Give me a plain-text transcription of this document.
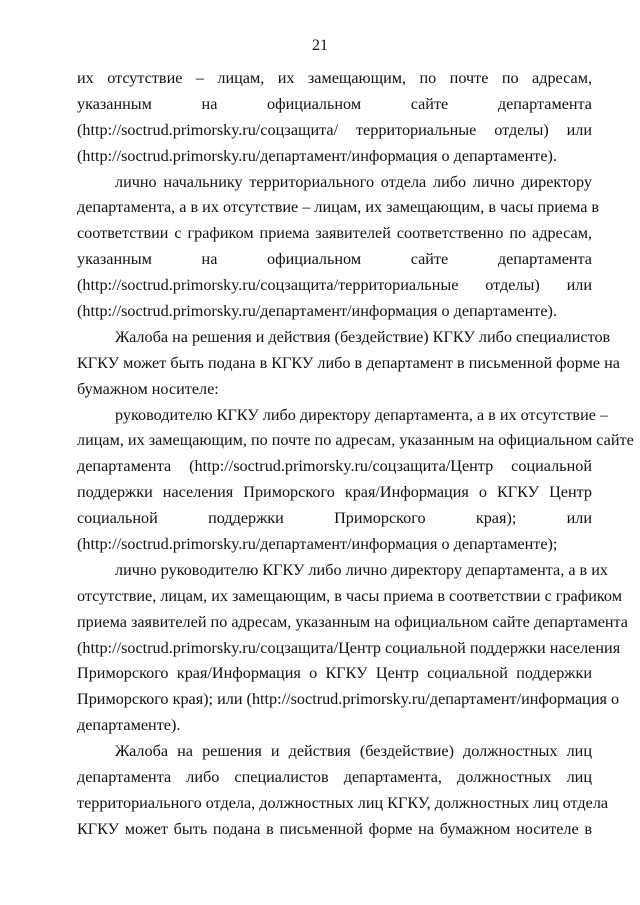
21
их отсутствие – лицам, их замещающим, по почте по адресам,
указанным на официальном сайте департамента
(http://soctrud.primorsky.ru/соцзащита/ территориальные отделы) или
(http://soctrud.primorsky.ru/департамент/информация о департаменте).
лично начальнику территориального отдела либо лично директору
департамента, а в их отсутствие – лицам, их замещающим, в часы приема в
соответствии с графиком приема заявителей соответственно по адресам,
указанным на официальном сайте департамента
(http://soctrud.primorsky.ru/соцзащита/территориальные отделы) или
(http://soctrud.primorsky.ru/департамент/информация о департаменте).
Жалоба на решения и действия (бездействие) КГКУ либо специалистов
КГКУ может быть подана в КГКУ либо в департамент в письменной форме на
бумажном носителе:
руководителю КГКУ либо директору департамента, а в их отсутствие –
лицам, их замещающим, по почте по адресам, указанным на официальном сайте
департамента (http://soctrud.primorsky.ru/соцзащита/Центр социальной
поддержки населения Приморского края/Информация о КГКУ Центр
социальной поддержки Приморского края); или
(http://soctrud.primorsky.ru/департамент/информация о департаменте);
лично руководителю КГКУ либо лично директору департамента, а в их
отсутствие, лицам, их замещающим, в часы приема в соответствии с графиком
приема заявителей по адресам, указанным на официальном сайте департамента
(http://soctrud.primorsky.ru/соцзащита/Центр социальной поддержки населения
Приморского края/Информация о КГКУ Центр социальной поддержки
Приморского края); или (http://soctrud.primorsky.ru/департамент/информация о
департаменте).
Жалоба на решения и действия (бездействие) должностных лиц
департамента либо специалистов департамента, должностных лиц
территориального отдела, должностных лиц КГКУ, должностных лиц отдела
КГКУ может быть подана в письменной форме на бумажном носителе в
